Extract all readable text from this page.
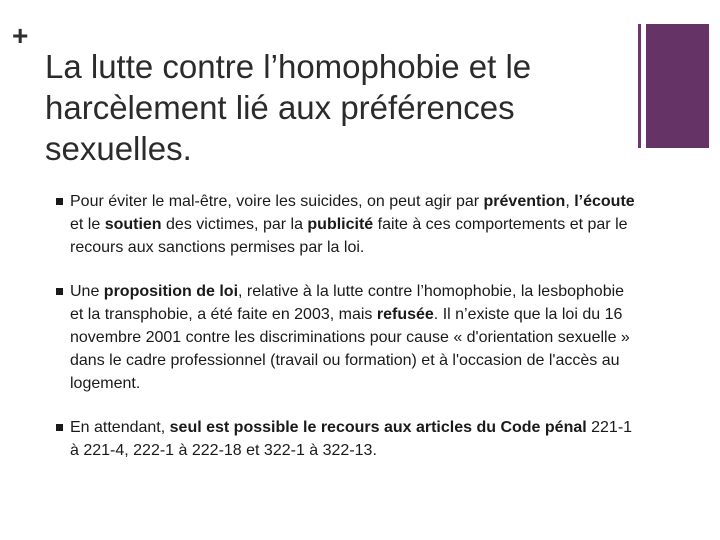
+
La lutte contre l’homophobie et le harcèlement lié aux préférences sexuelles.
Pour éviter le mal-être, voire les suicides, on peut agir par prévention, l’écoute et le soutien des victimes, par la publicité faite à ces comportements et par le recours aux sanctions permises par la loi.
Une proposition de loi, relative à la lutte contre l’homophobie, la lesbophobie et la transphobie, a été faite en 2003, mais refusée. Il n’existe que la loi du 16 novembre 2001 contre les discriminations pour cause « d'orientation sexuelle » dans le cadre professionnel (travail ou formation) et à l'occasion de l'accès au logement.
En attendant, seul est possible le recours aux articles du Code pénal 221-1 à 221-4, 222-1 à 222-18 et 322-1 à 322-13.
